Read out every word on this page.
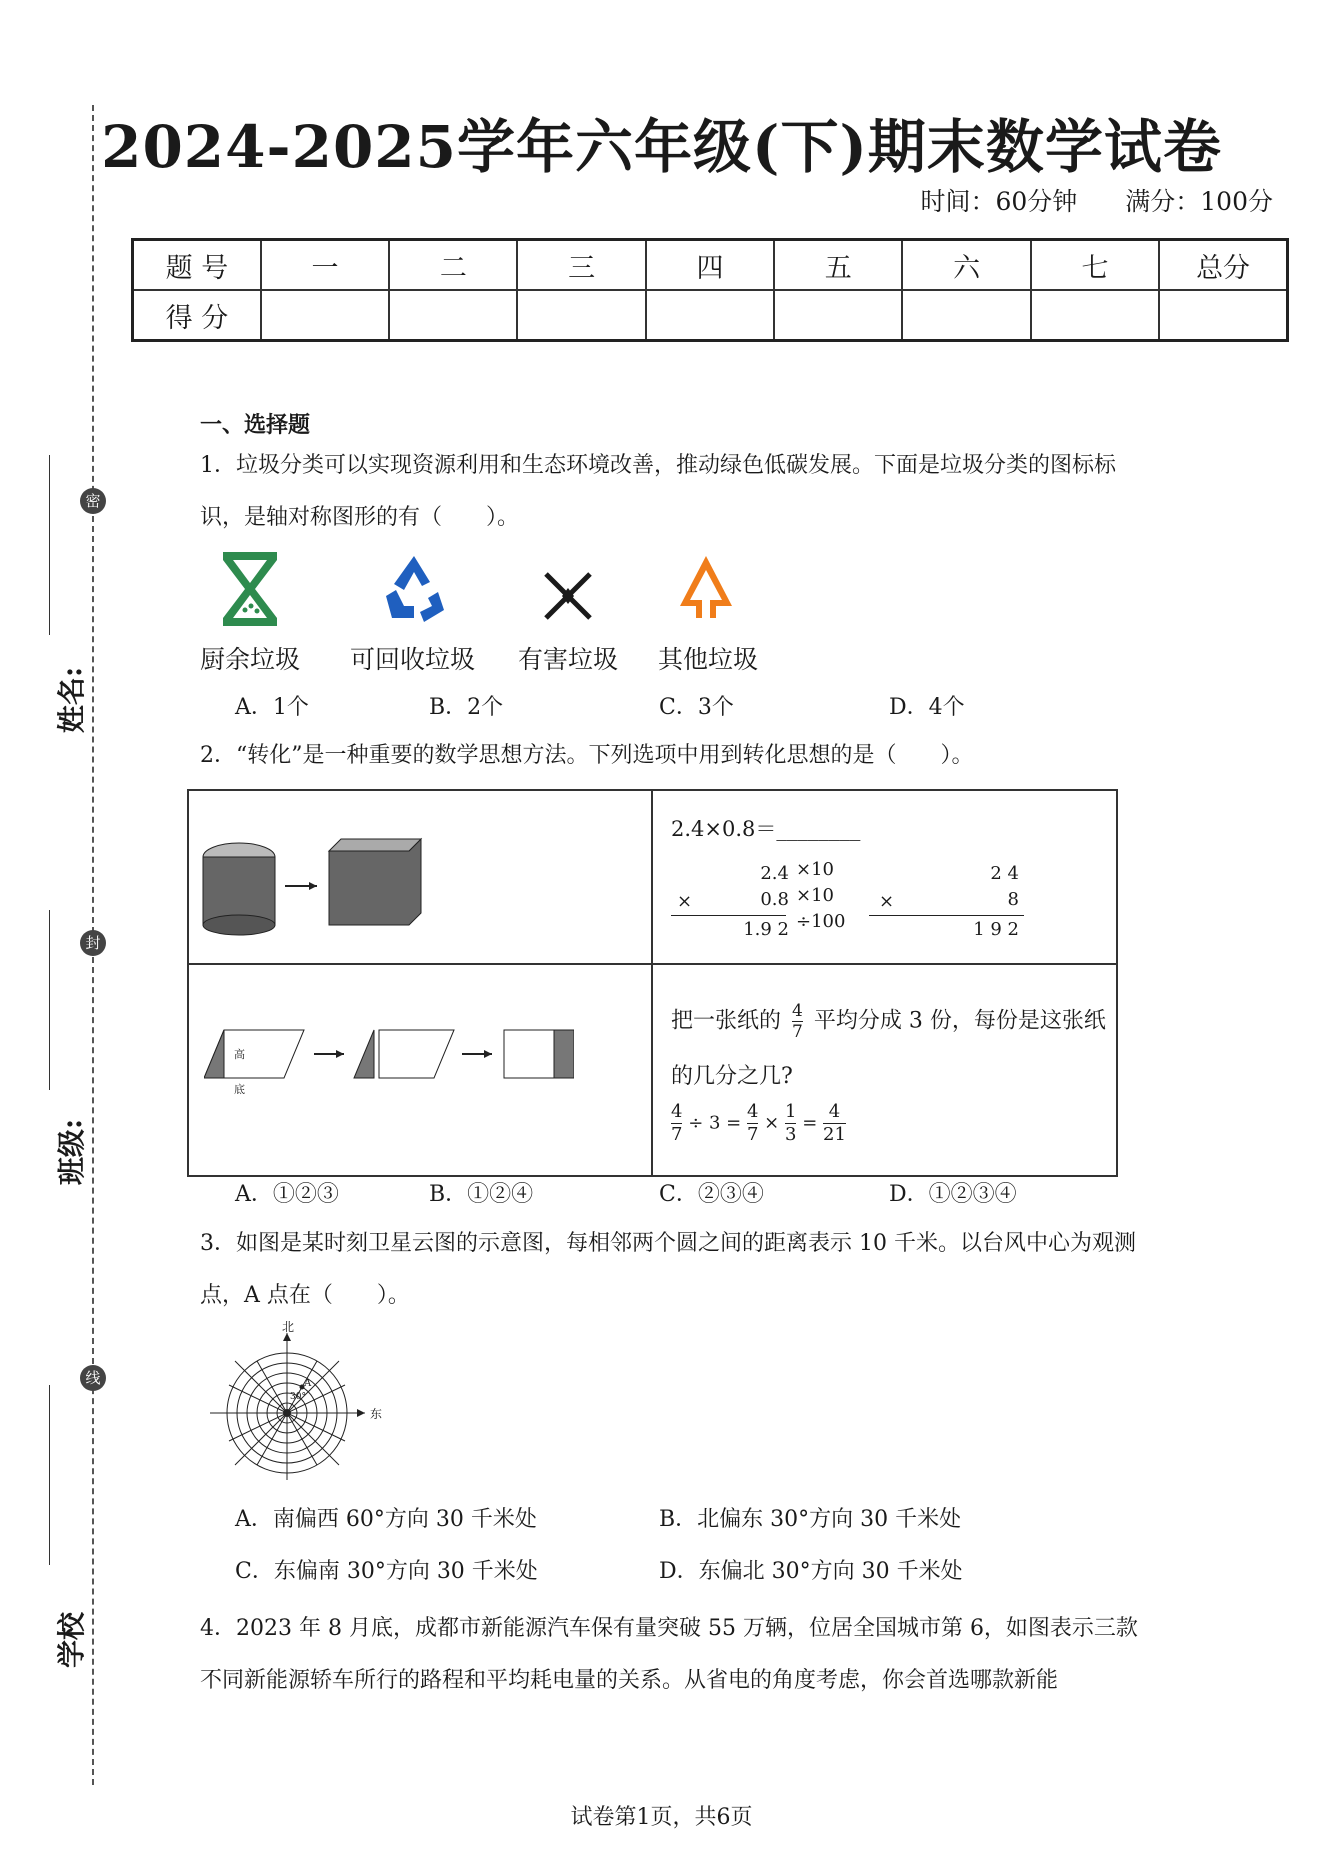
密
封
线
姓名:
班级:
学校
2024-2025学年六年级(下)期末数学试卷
时间：60分钟 满分：100分
题 号	一	二	三	四	五	六	七	总分
得 分								
一、选择题
1．垃圾分类可以实现资源利用和生态环境改善，推动绿色低碳发展。下面是垃圾分类的图标标识，是轴对称图形的有（　　）。
厨余垃圾 可回收垃圾 有害垃圾 其他垃圾
A．1个	B．2个	C．3个	D．4个
2．“转化”是一种重要的数学思想方法。下列选项中用到转化思想的是（　　）。
2.4×0.8＝________
2.4
×	0.8
1.9 2
×10
×10
÷100
2 4
×	8
1 9 2
高
底
把一张纸的 $\frac{4}{7}$ 平均分成 3 份，每份是这张纸
的几分之几?
$\frac{4}{7} \div 3 = \frac{4}{7} \times \frac{1}{3} = \frac{4}{21}$
A．①②③	B．①②④	C．②③④	D．①②③④
3．如图是某时刻卫星云图的示意图，每相邻两个圆之间的距离表示 10 千米。以台风中心为观测点，A 点在（　　）。
北
东
A
30°
A．南偏西 60°方向 30 千米处	B．北偏东 30°方向 30 千米处
C．东偏南 30°方向 30 千米处	D．东偏北 30°方向 30 千米处
4．2023 年 8 月底，成都市新能源汽车保有量突破 55 万辆，位居全国城市第 6，如图表示三款不同新能源轿车所行的路程和平均耗电量的关系。从省电的角度考虑，你会首选哪款新能
试卷第1页，共6页
